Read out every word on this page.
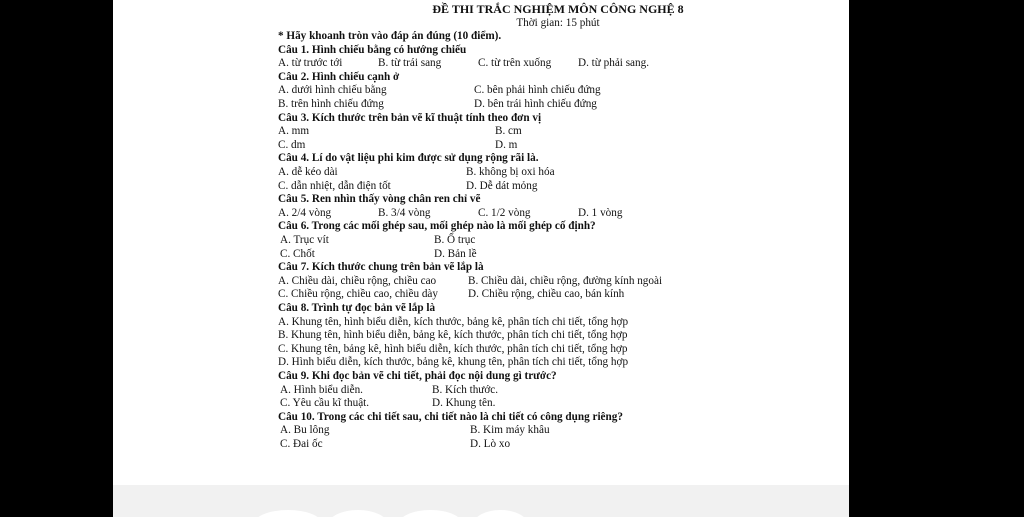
ĐỀ THI TRẮC NGHIỆM MÔN CÔNG NGHỆ 8
Thời gian: 15 phút
* Hãy khoanh tròn vào đáp án đúng (10 điểm).
Câu 1. Hình chiếu bằng có hướng chiếu
A. từ trước tới	B. từ trái sang	C. từ trên xuống D. từ phải sang.
Câu 2. Hình chiếu cạnh ở
A. dưới hình chiếu bằng	C. bên phải hình chiếu đứng
B. trên hình chiếu đứng	D. bên trái hình chiếu đứng
Câu 3. Kích thước trên bản vẽ kĩ thuật tính theo đơn vị
A. mm	B. cm
C. dm	D. m
Câu 4. Lí do vật liệu phi kim được sử dụng rộng rãi là.
A. dễ kéo dài	B. không bị oxi hóa
C. dẫn nhiệt, dẫn điện tốt	D. Dễ dát mỏng
Câu 5. Ren nhìn thấy vòng chân ren chỉ vẽ
A. 2/4 vòng	B. 3/4 vòng	C. 1/2 vòng	D. 1 vòng
Câu 6. Trong các mối ghép sau, mối ghép nào là mối ghép cố định?
A. Trục vít	B. Ổ trục
C. Chốt	D. Bản lề
Câu 7. Kích thước chung trên bản vẽ lắp là
A. Chiều dài, chiều rộng, chiều cao	B. Chiều dài, chiều rộng, đường kính ngoài
C. Chiều rộng, chiều cao, chiều dày	D. Chiều rộng, chiều cao, bán kính
Câu 8. Trình tự đọc bản vẽ lắp là
A. Khung tên, hình biểu diễn, kích thước, bảng kê, phân tích chi tiết, tổng hợp
B. Khung tên, hình biểu diễn, bảng kê, kích thước, phân tích chi tiết, tổng hợp
C. Khung tên, bảng kê, hình biểu diễn, kích thước, phân tích chi tiết, tổng hợp
D. Hình biểu diễn, kích thước, bảng kê, khung tên, phân tích chi tiết, tổng hợp
Câu 9. Khi đọc bản vẽ chi tiết, phải đọc nội dung gì trước?
A. Hình biểu diễn.	B. Kích thước.
C. Yêu cầu kĩ thuật.	D. Khung tên.
Câu 10. Trong các chi tiết sau, chi tiết nào là chi tiết có công dụng riêng?
A. Bu lông	B. Kim máy khâu
C. Đai ốc	D. Lò xo
